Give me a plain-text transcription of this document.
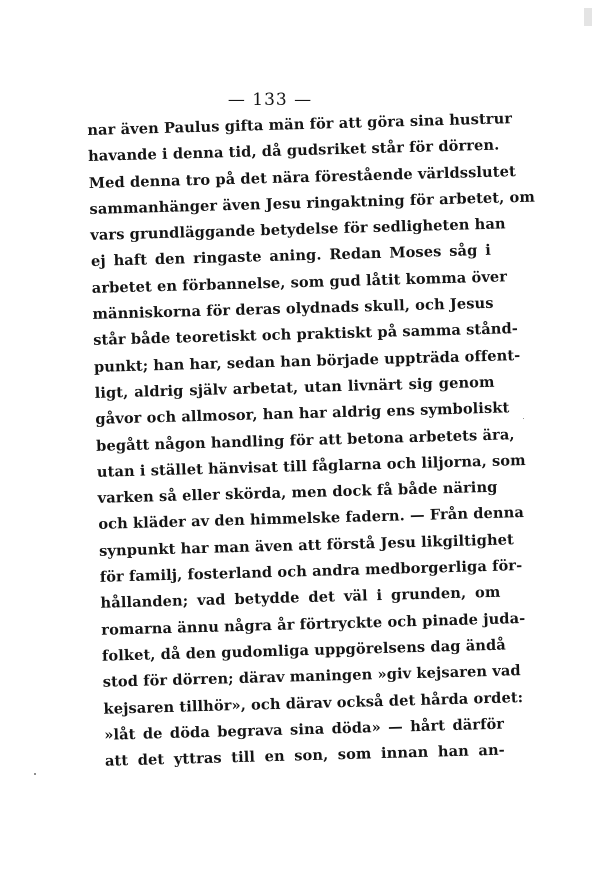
— 133 —
nar även Paulus gifta män för att göra sina hustrur
havande i denna tid, då gudsriket står för dörren.
Med denna tro på det nära förestående världsslutet
sammanhänger även Jesu ringaktning för arbetet, om
vars grundläggande betydelse för sedligheten han
ej haft den ringaste aning. Redan Moses såg i
arbetet en förbannelse, som gud låtit komma över
människorna för deras olydnads skull, och Jesus
står både teoretiskt och praktiskt på samma stånd-
punkt; han har, sedan han började uppträda offent-
ligt, aldrig själv arbetat, utan livnärt sig genom
gåvor och allmosor, han har aldrig ens symboliskt
begått någon handling för att betona arbetets ära,
utan i stället hänvisat till fåglarna och liljorna, som
varken så eller skörda, men dock få både näring
och kläder av den himmelske fadern. — Från denna
synpunkt har man även att förstå Jesu likgiltighet
för familj, fosterland och andra medborgerliga för-
hållanden; vad betydde det väl i grunden, om
romarna ännu några år förtryckte och pinade juda-
folket, då den gudomliga uppgörelsens dag ändå
stod för dörren; därav maningen »giv kejsaren vad
kejsaren tillhör», och därav också det hårda ordet:
»låt de döda begrava sina döda» — hårt därför
att det yttras till en son, som innan han an-
